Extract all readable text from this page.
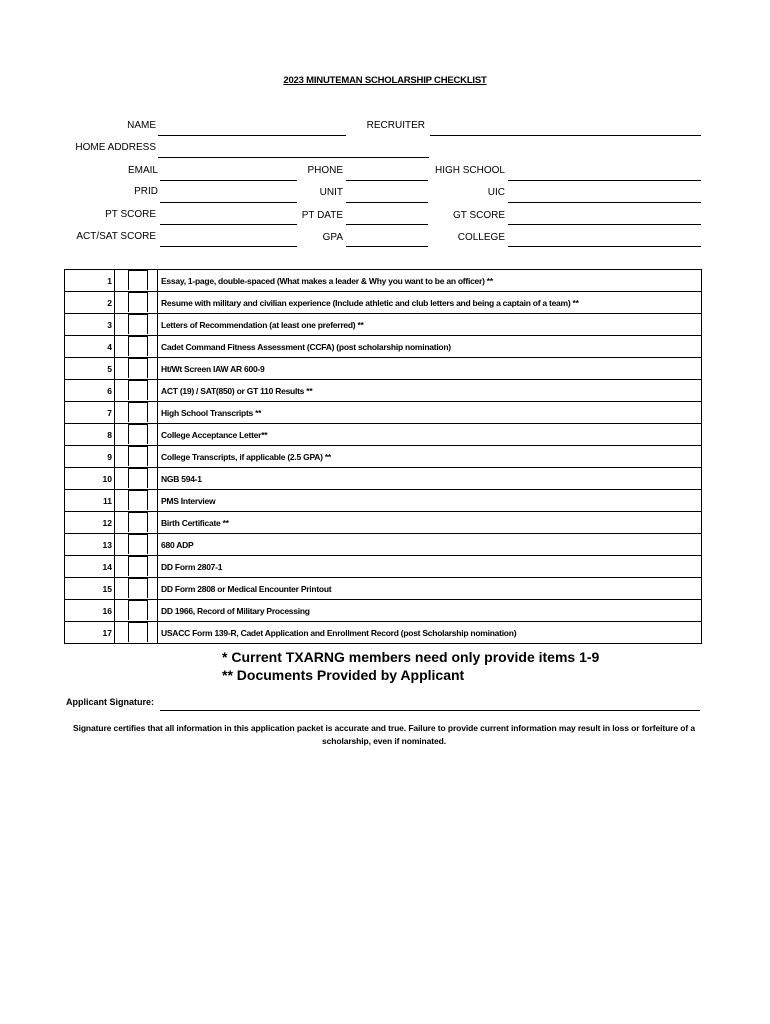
2023 MINUTEMAN SCHOLARSHIP CHECKLIST
NAME	RECRUITER
HOME ADDRESS
EMAIL	PHONE	HIGH SCHOOL
PRID	UNIT	UIC
PT SCORE	PT DATE	GT SCORE
ACT/SAT SCORE	GPA	COLLEGE
1			Essay, 1-page, double-spaced (What makes a leader & Why you want to be an officer) **
2			Resume with military and civilian experience (Include athletic and club letters and being a captain of a team) **
3			Letters of Recommendation (at least one preferred) **
4			Cadet Command Fitness Assessment (CCFA) (post scholarship nomination)
5			Ht/Wt Screen IAW AR 600-9
6			ACT (19) / SAT(850) or GT 110 Results **
7			High School Transcripts **
8			College Acceptance Letter**
9			College Transcripts, if applicable (2.5 GPA) **
10			NGB 594-1
11			PMS Interview
12			Birth Certificate **
13			680 ADP
14			DD Form 2807-1
15			DD Form 2808 or Medical Encounter Printout
16			DD 1966, Record of Military Processing
17			USACC Form 139-R, Cadet Application and Enrollment Record (post Scholarship nomination)
* Current TXARNG members need only provide items 1-9
** Documents Provided by Applicant
Applicant Signature:
Signature certifies that all information in this application packet is accurate and true. Failure to provide current information may result in loss or forfeiture of a scholarship, even if nominated.
